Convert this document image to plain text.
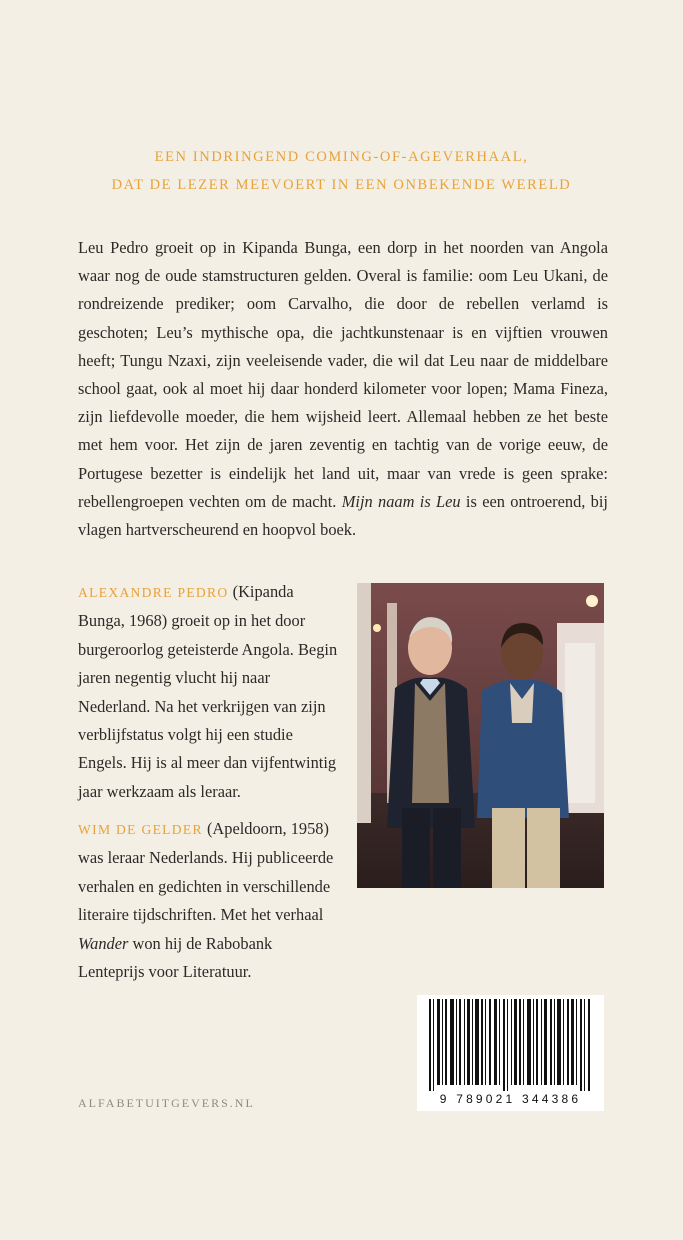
EEN INDRINGEND COMING-OF-AGEVERHAAL,
DAT DE LEZER MEEVOERT IN EEN ONBEKENDE WERELD

Leu Pedro groeit op in Kipanda Bunga, een dorp in het noorden van Angola waar nog de oude stamstructuren gelden. Overal is familie: oom Leu Ukani, de rondreizende prediker; oom Carvalho, die door de rebellen verlamd is geschoten; Leu’s mythische opa, die jachtkunstenaar is en vijftien vrouwen heeft; Tungu Nzaxi, zijn veeleisende vader, die wil dat Leu naar de middelbare school gaat, ook al moet hij daar honderd kilometer voor lopen; Mama Fineza, zijn liefdevolle moeder, die hem wijsheid leert. Allemaal hebben ze het beste met hem voor. Het zijn de jaren zeventig en tachtig van de vorige eeuw, de Portugese bezetter is eindelijk het land uit, maar van vrede is geen sprake: rebellengroepen vechten om de macht. Mijn naam is Leu is een ontroerend, bij vlagen hartverscheurend en hoopvol boek.

ALEXANDRE PEDRO (Kipanda Bunga, 1968) groeit op in het door burgeroorlog geteisterde Angola. Begin jaren negentig vlucht hij naar Nederland. Na het verkrijgen van zijn verblijfstatus volgt hij een studie Engels. Hij is al meer dan vijfentwintig jaar werkzaam als leraar.

WIM DE GELDER (Apeldoorn, 1958) was leraar Nederlands. Hij publiceerde verhalen en gedichten in verschillende literaire tijdschriften. Met het verhaal Wander won hij de Rabobank Lenteprijs voor Literatuur.

9 789021 344386
ALFABETUITGEVERS.NL
